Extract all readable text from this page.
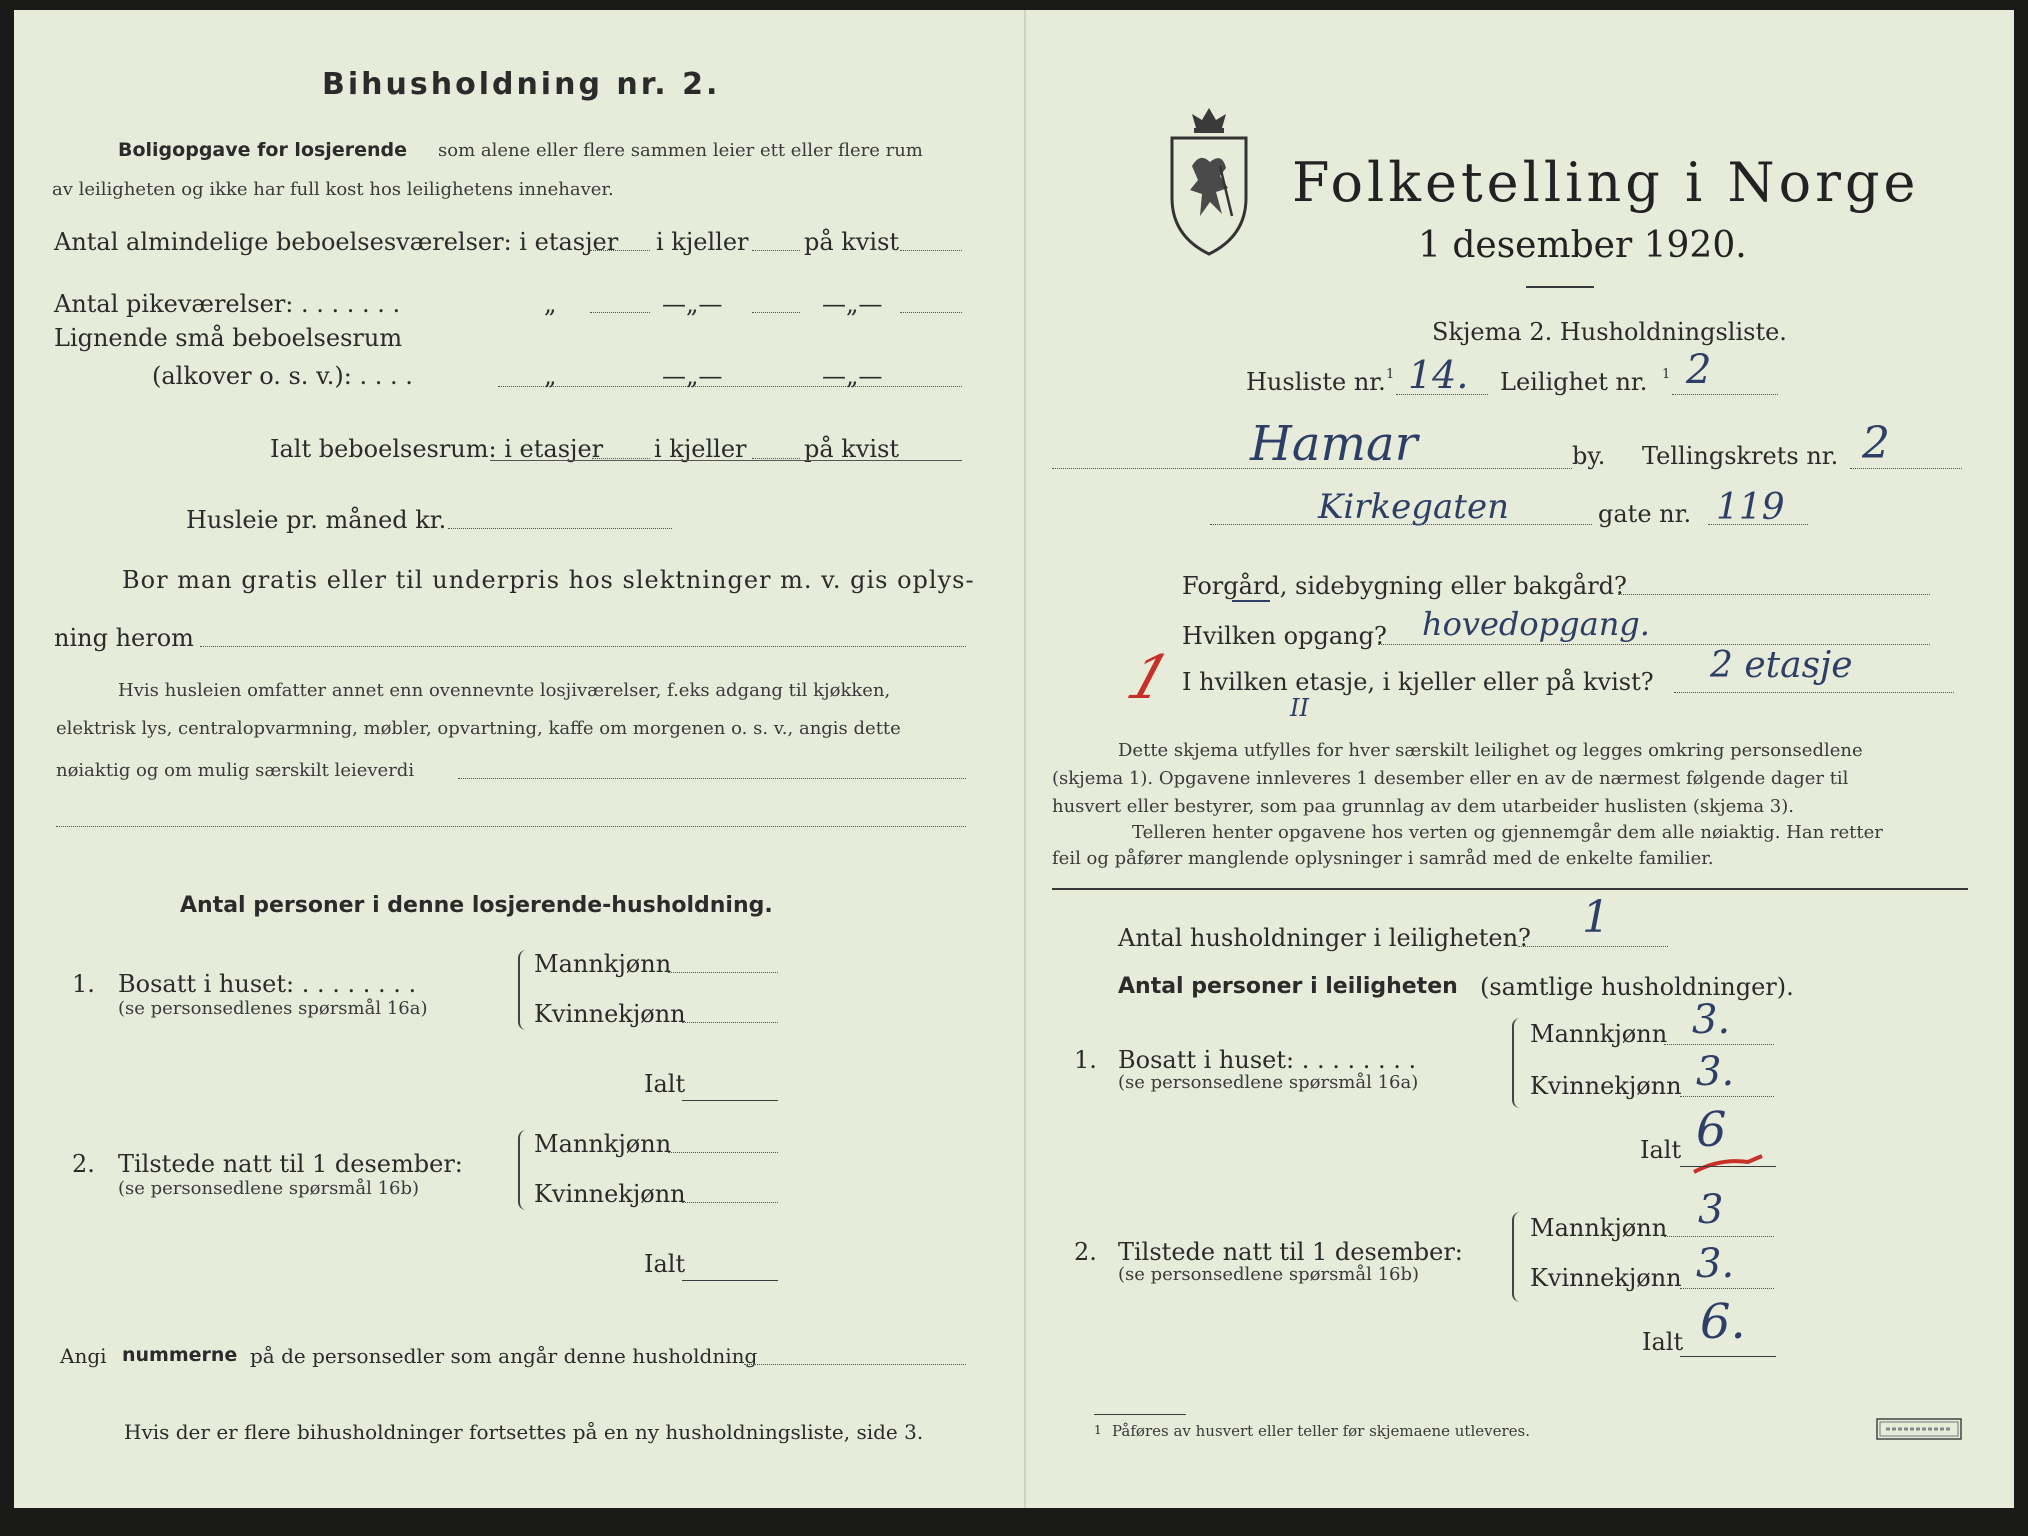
Bihusholdning nr. 2.
Boligopgave for losjerende som alene eller flere sammen leier ett eller flere rum
av leiligheten og ikke har full kost hos leilighetens innehaver.
Antal almindelige beboelsesværelser: i etasjer i kjeller på kvist
Antal pikeværelser: . . . . . . .	„	—„—	—„—
Lignende små beboelsesrum
(alkover o. s. v.): . . . .	„	—„—	—„—
Ialt beboelsesrum: i etasjer i kjeller på kvist
Husleie pr. måned kr.
Bor man gratis eller til underpris hos slektninger m. v. gis oplys-
ning herom
Hvis husleien omfatter annet enn ovennevnte losjiværelser, f.eks adgang til kjøkken,
elektrisk lys, centralopvarmning, møbler, opvartning, kaffe om morgenen o. s. v., angis dette
nøiaktig og om mulig særskilt leieverdi
Antal personer i denne losjerende-husholdning.
1. Bosatt i huset: . . . . . . . .
(se personsedlenes spørsmål 16a)
Mannkjønn
Kvinnekjønn
Ialt
2. Tilstede natt til 1 desember:
(se personsedlene spørsmål 16b)
Mannkjønn
Kvinnekjønn
Ialt
Angi nummerne på de personsedler som angår denne husholdning
Hvis der er flere bihusholdninger fortsettes på en ny husholdningsliste, side 3.
Folketelling i Norge
1 desember 1920.
Skjema 2. Husholdningsliste.
Husliste nr. 1 14. Leilighet nr. 1 2
Hamar	by. Tellingskrets nr. 2
Kirkegaten	gate nr. 119
Forgård, sidebygning eller bakgård?
Hvilken opgang? hovedopgang.
1 I hvilken etasje, i kjeller eller på kvist? 2 etasje
II
Dette skjema utfylles for hver særskilt leilighet og legges omkring personsedlene
(skjema 1). Opgavene innleveres 1 desember eller en av de nærmest følgende dager til
husvert eller bestyrer, som paa grunnlag av dem utarbeider huslisten (skjema 3).
Telleren henter opgavene hos verten og gjennemgår dem alle nøiaktig. Han retter
feil og påfører manglende oplysninger i samråd med de enkelte familier.
Antal husholdninger i leiligheten? 1
Antal personer i leiligheten (samtlige husholdninger).
1. Bosatt i huset: . . . . . . . .
(se personsedlene spørsmål 16a)
Mannkjønn 3.
Kvinnekjønn 3.
Ialt 6
2. Tilstede natt til 1 desember:
(se personsedlene spørsmål 16b)
Mannkjønn 3
Kvinnekjønn 3.
Ialt 6.
1 Påføres av husvert eller teller før skjemaene utleveres.
